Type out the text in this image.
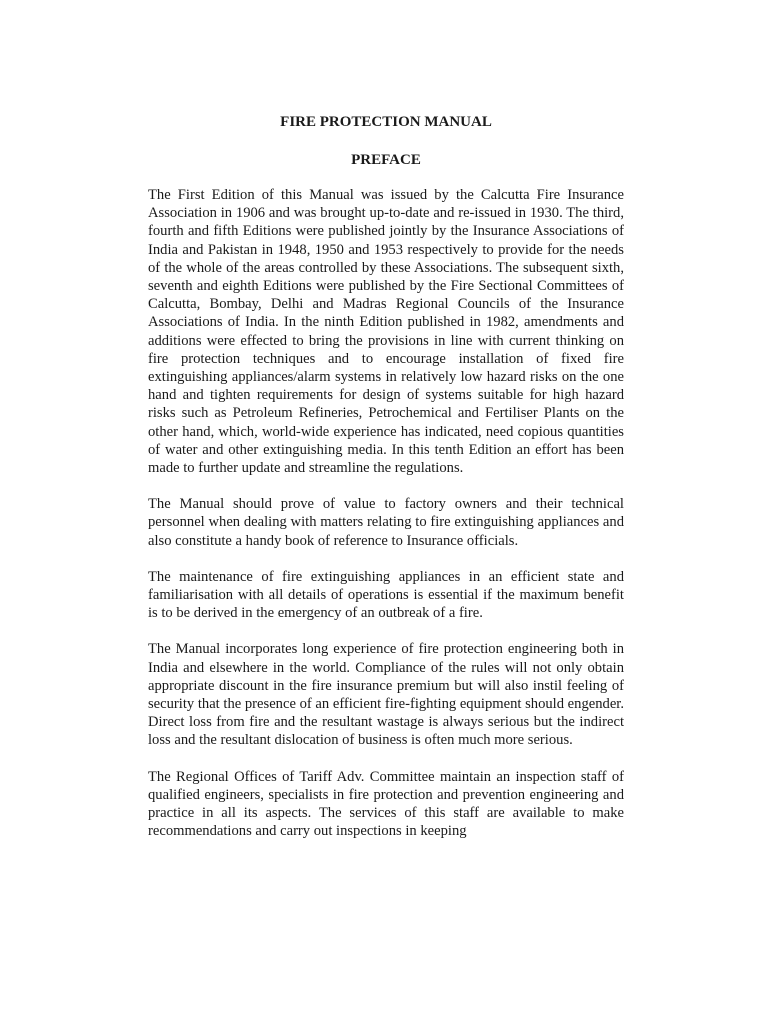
FIRE PROTECTION MANUAL
PREFACE

The First Edition of this Manual was issued by the Calcutta Fire Insurance Association in 1906 and was brought up-to-date and re-issued in 1930. The third, fourth and fifth Editions were published jointly by the Insurance Associations of India and Pakistan in 1948, 1950 and 1953 respectively to provide for the needs of the whole of the areas controlled by these Associations. The subsequent sixth, seventh and eighth Editions were published by the Fire Sectional Committees of Calcutta, Bombay, Delhi and Madras Regional Councils of the Insurance Associations of India. In the ninth Edition published in 1982, amendments and additions were effected to bring the provisions in line with current thinking on fire protection techniques and to encourage installation of fixed fire extinguishing appliances/alarm systems in relatively low hazard risks on the one hand and tighten requirements for design of systems suitable for high hazard risks such as Petroleum Refineries, Petrochemical and Fertiliser Plants on the other hand, which, world-wide experience has indicated, need copious quantities of water and other extinguishing media. In this tenth Edition an effort has been made to further update and streamline the regulations.

The Manual should prove of value to factory owners and their technical personnel when dealing with matters relating to fire extinguishing appliances and also constitute a handy book of reference to Insurance officials.

The maintenance of fire extinguishing appliances in an efficient state and familiarisation with all details of operations is essential if the maximum benefit is to be derived in the emergency of an outbreak of a fire.

The Manual incorporates long experience of fire protection engineering both in India and elsewhere in the world. Compliance of the rules will not only obtain appropriate discount in the fire insurance premium but will also instil feeling of security that the presence of an efficient fire-fighting equipment should engender. Direct loss from fire and the resultant wastage is always serious but the indirect loss and the resultant dislocation of business is often much more serious.

The Regional Offices of Tariff Adv. Committee maintain an inspection staff of qualified engineers, specialists in fire protection and prevention engineering and practice in all its aspects. The services of this staff are available to make recommendations and carry out inspections in keeping
